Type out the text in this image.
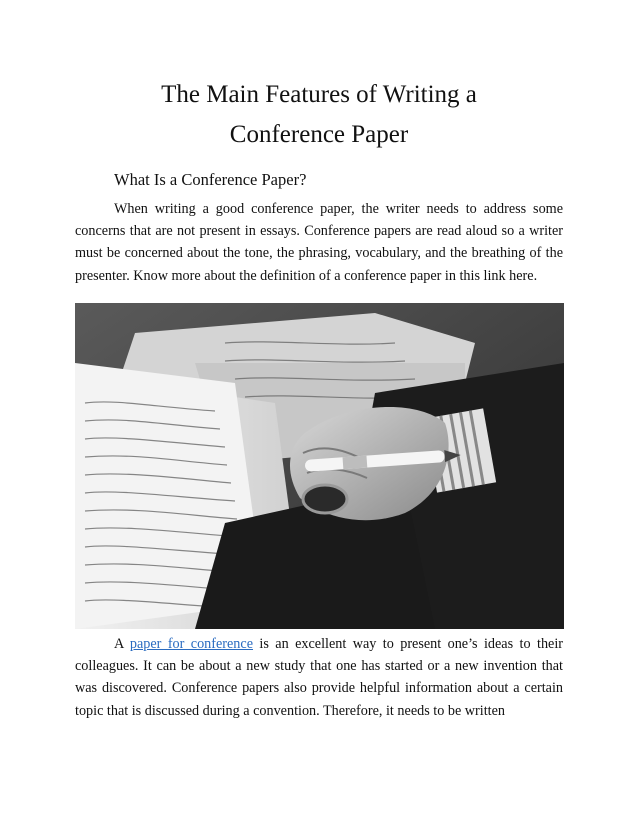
The Main Features of Writing a
Conference Paper
What Is a Conference Paper?

When writing a good conference paper, the writer needs to address some concerns that are not present in essays. Conference papers are read aloud so a writer must be concerned about the tone, the phrasing, vocabulary, and the breathing of the presenter. Know more about the definition of a conference paper in this link here.

A paper for conference is an excellent way to present one’s ideas to their colleagues. It can be about a new study that one has started or a new invention that was discovered. Conference papers also provide helpful information about a certain topic that is discussed during a convention. Therefore, it needs to be written
